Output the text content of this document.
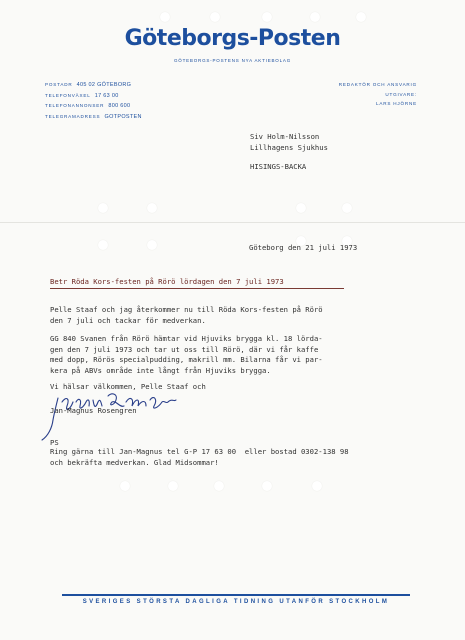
Göteborgs-Posten
GÖTEBORGS-POSTENS NYA AKTIEBOLAG
POSTADR 405 02 GÖTEBORG
TELEFONVÄXEL 17 63 00
TELEFONANNONSER 800 600
TELEGRAMADRESS GOTPOSTEN
REDAKTÖR OCH ANSVARIG
UTGIVARE:
LARS HJÖRNE
Siv Holm-Nilsson
Lillhagens Sjukhus
HISINGS-BACKA
Göteborg den 21 juli 1973
Betr Röda Kors-festen på Rörö lördagen den 7 juli 1973
Pelle Staaf och jag återkommer nu till Röda Kors-festen på Rörö
den 7 juli och tackar för medverkan.
GG 840 Svanen från Rörö hämtar vid Hjuviks brygga kl. 18 lörda-
gen den 7 juli 1973 och tar ut oss till Rörö, där vi får kaffe
med dopp, Rörös specialpudding, makrill mm. Bilarna får vi par-
kera på ABVs område inte långt från Hjuviks brygga.
Vi hälsar välkommen, Pelle Staaf och
Jan-Magnus Rosengren
PS
Ring gärna till Jan-Magnus tel G-P 17 63 00  eller bostad 0302-138 98
och bekräfta medverkan. Glad Midsommar!
SVERIGES STÖRSTA DAGLIGA TIDNING UTANFÖR STOCKHOLM
